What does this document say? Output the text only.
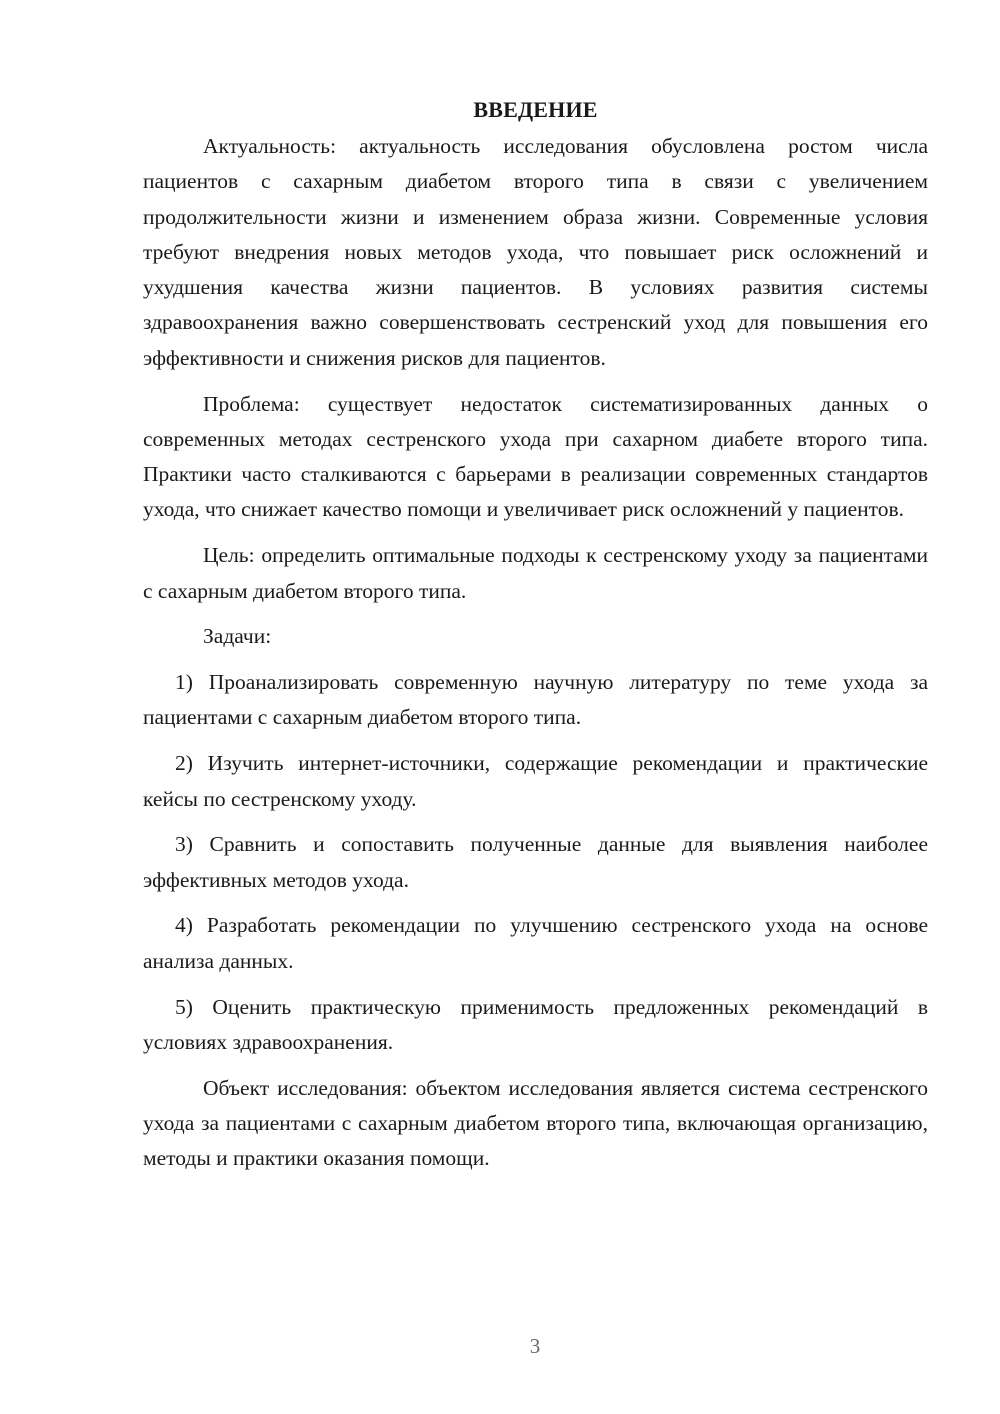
ВВЕДЕНИЕ

Актуальность: актуальность исследования обусловлена ростом числа пациентов с сахарным диабетом второго типа в связи с увеличением продолжительности жизни и изменением образа жизни. Современные условия требуют внедрения новых методов ухода, что повышает риск осложнений и ухудшения качества жизни пациентов. В условиях развития системы здравоохранения важно совершенствовать сестренский уход для повышения его эффективности и снижения рисков для пациентов.

Проблема: существует недостаток систематизированных данных о современных методах сестренского ухода при сахарном диабете второго типа. Практики часто сталкиваются с барьерами в реализации современных стандартов ухода, что снижает качество помощи и увеличивает риск осложнений у пациентов.

Цель: определить оптимальные подходы к сестренскому уходу за пациентами с сахарным диабетом второго типа.

Задачи:

1) Проанализировать современную научную литературу по теме ухода за пациентами с сахарным диабетом второго типа.

2) Изучить интернет-источники, содержащие рекомендации и практические кейсы по сестренскому уходу.

3) Сравнить и сопоставить полученные данные для выявления наиболее эффективных методов ухода.

4) Разработать рекомендации по улучшению сестренского ухода на основе анализа данных.

5) Оценить практическую применимость предложенных рекомендаций в условиях здравоохранения.

Объект исследования: объектом исследования является система сестренского ухода за пациентами с сахарным диабетом второго типа, включающая организацию, методы и практики оказания помощи.

3
